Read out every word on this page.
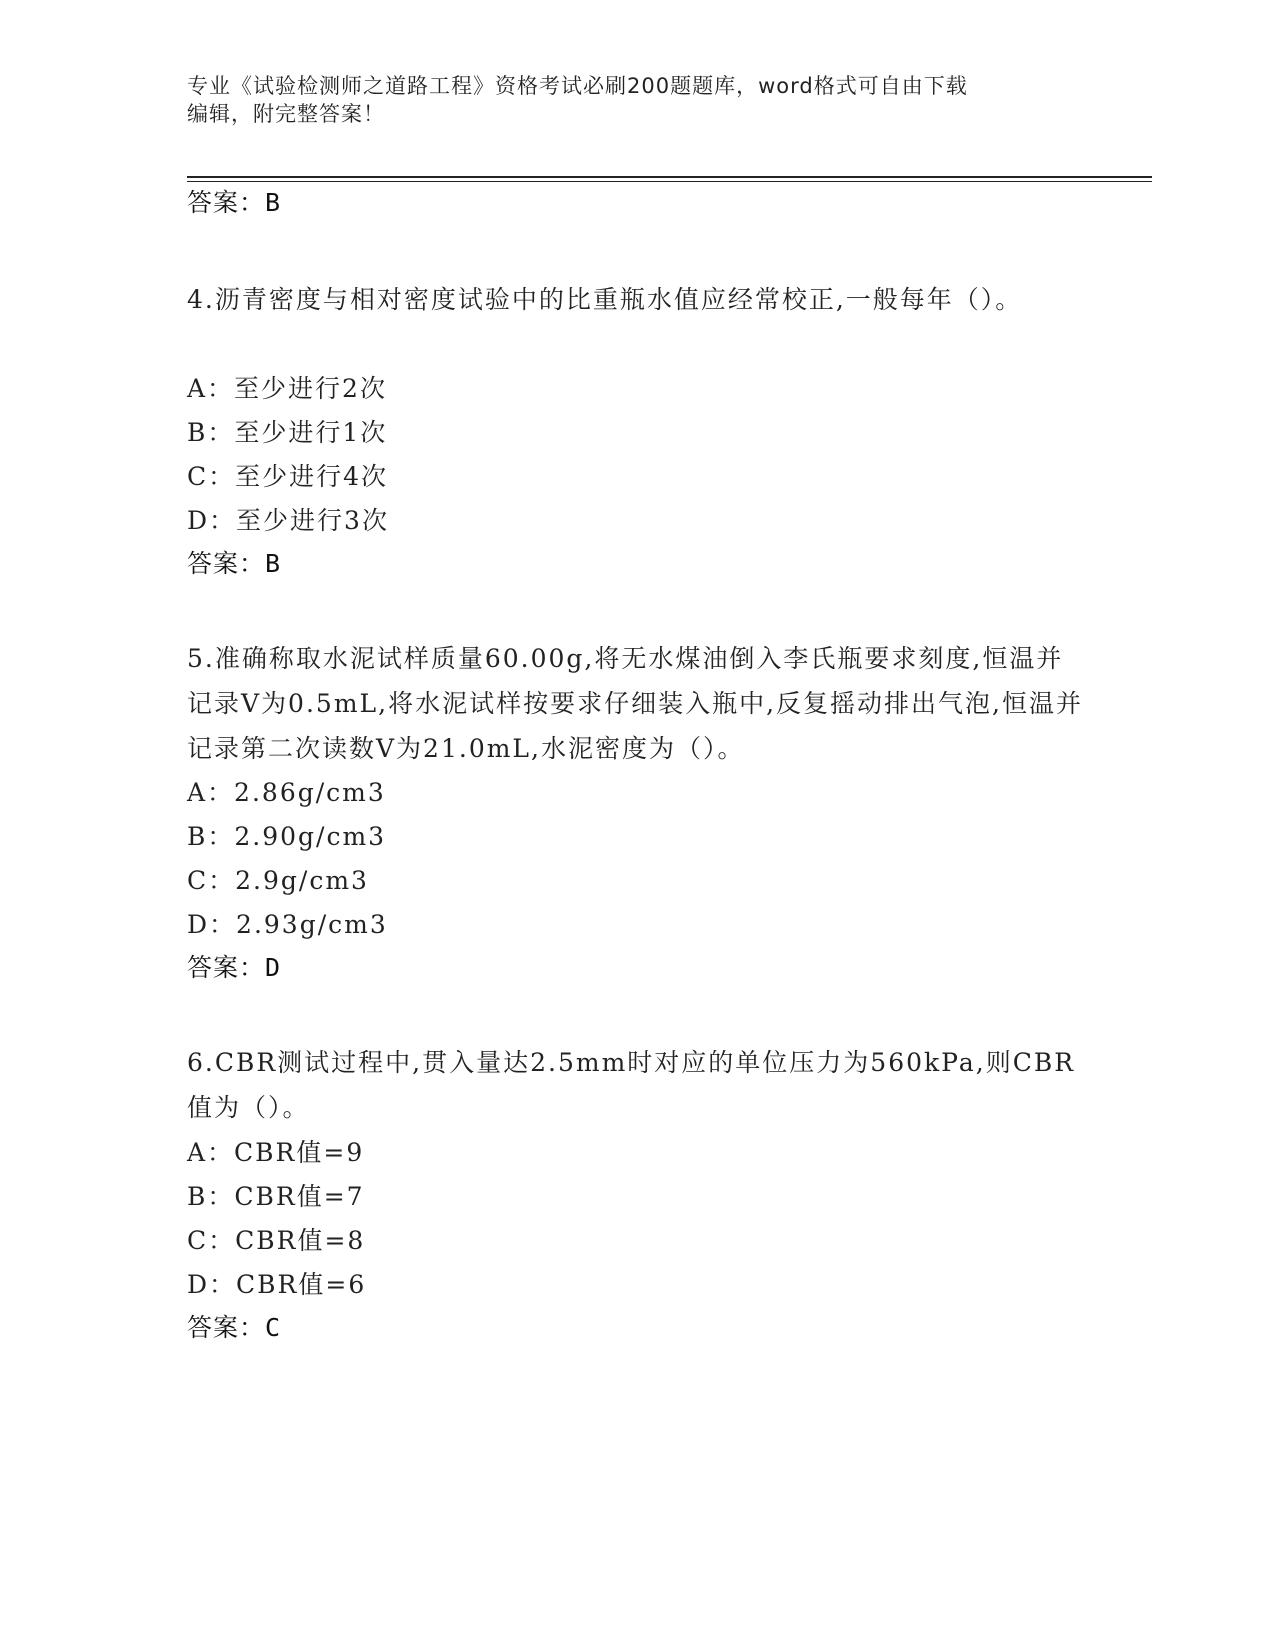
专业《试验检测师之道路工程》资格考试必刷200题题库，word格式可自由下载
编辑，附完整答案！
答案：B
4.沥青密度与相对密度试验中的比重瓶水值应经常校正,一般每年（）。
A：至少进行2次
B：至少进行1次
C：至少进行4次
D：至少进行3次
答案：B
5.准确称取水泥试样质量60.00g,将无水煤油倒入李氏瓶要求刻度,恒温并记录V为0.5mL,将水泥试样按要求仔细装入瓶中,反复摇动排出气泡,恒温并记录第二次读数V为21.0mL,水泥密度为（）。
A：2.86g/cm3
B：2.90g/cm3
C：2.9g/cm3
D：2.93g/cm3
答案：D
6.CBR测试过程中,贯入量达2.5mm时对应的单位压力为560kPa,则CBR值为（）。
A：CBR值=9
B：CBR值=7
C：CBR值=8
D：CBR值=6
答案：C
